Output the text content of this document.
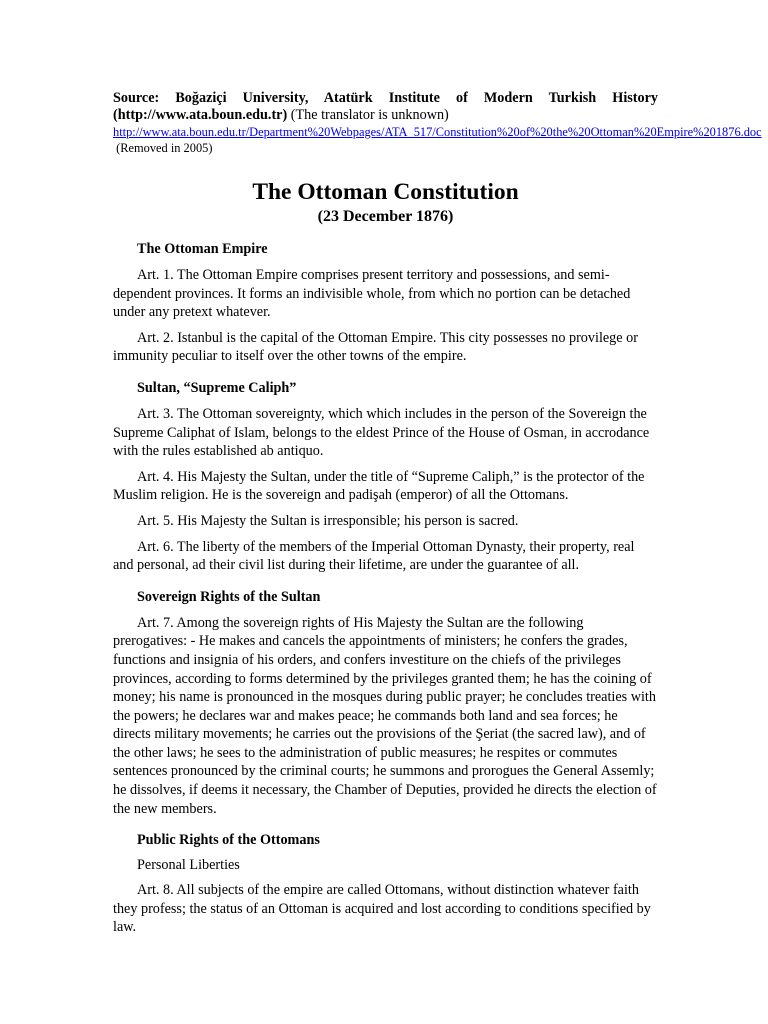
Source: Boğaziçi University, Atatürk Institute of Modern Turkish History (http://www.ata.boun.edu.tr) (The translator is unknown)
http://www.ata.boun.edu.tr/Department%20Webpages/ATA_517/Constitution%20of%20the%20Ottoman%20Empire%201876.doc  (Removed in 2005)
The Ottoman Constitution
(23 December 1876)
The Ottoman Empire

Art. 1. The Ottoman Empire comprises present territory and possessions, and semi-dependent provinces. It forms an indivisible whole, from which no portion can be detached under any pretext whatever.

Art. 2. Istanbul is the capital of the Ottoman Empire. This city possesses no provilege or immunity peculiar to itself over the other towns of the empire.

Sultan, “Supreme Caliph”

Art. 3. The Ottoman sovereignty, which which includes in the person of the Sovereign the Supreme Caliphat of Islam, belongs to the eldest Prince of the House of Osman, in accrodance with the rules established ab antiquo.

Art. 4. His Majesty the Sultan, under the title of “Supreme Caliph,” is the protector of the Muslim religion. He is the sovereign and padişah (emperor) of all the Ottomans.

Art. 5. His Majesty the Sultan is irresponsible; his person is sacred.

Art. 6. The liberty of the members of the Imperial Ottoman Dynasty, their property, real and personal, ad their civil list during their lifetime, are under the guarantee of all.

Sovereign Rights of the Sultan

Art. 7. Among the sovereign rights of His Majesty the Sultan are the following prerogatives: - He makes and cancels the appointments of ministers; he confers the grades, functions and insignia of his orders, and confers investiture on the chiefs of the privileges provinces, according to forms determined by the privileges granted them; he has the coining of money; his name is pronounced in the mosques during public prayer; he concludes treaties with the powers; he declares war and makes peace; he commands both land and sea forces; he directs military movements; he carries out the provisions of the Şeriat (the sacred law), and of the other laws; he sees to the administration of public measures; he respites or commutes sentences pronounced by the criminal courts; he summons and prorogues the General Assemly; he dissolves, if deems it necessary, the Chamber of Deputies, provided he directs the election of the new members.

Public Rights of the Ottomans
Personal Liberties

Art. 8. All subjects of the empire are called Ottomans, without distinction whatever faith they profess; the status of an Ottoman is acquired and lost according to conditions specified by law.
